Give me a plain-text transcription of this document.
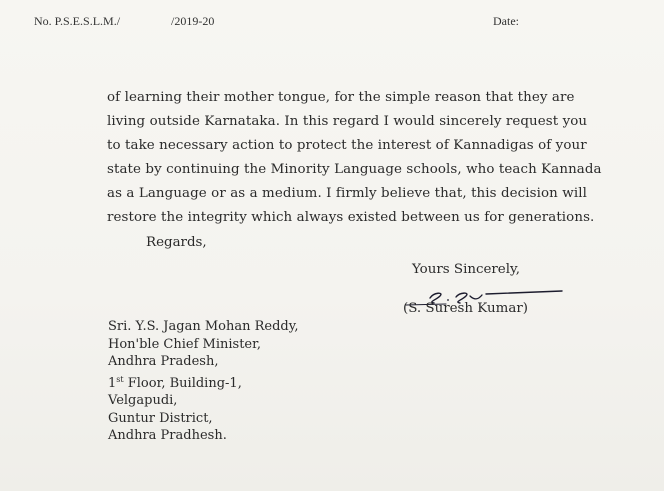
No. P.S.E.S.L.M./	/2019-20	Date:
of learning their mother tongue, for the simple reason that they are
living outside Karnataka. In this regard I would sincerely request you
to take necessary action to protect the interest of Kannadigas of your
state by continuing the Minority Language schools, who teach Kannada
as a Language or as a medium. I firmly believe that, this decision will
restore the integrity which always existed between us for generations.
Regards,
Yours Sincerely,
(S. Suresh Kumar)
Sri. Y.S. Jagan Mohan Reddy,
Hon'ble Chief Minister,
Andhra Pradesh,
1st Floor, Building-1,
Velgapudi,
Guntur District,
Andhra Pradhesh.
